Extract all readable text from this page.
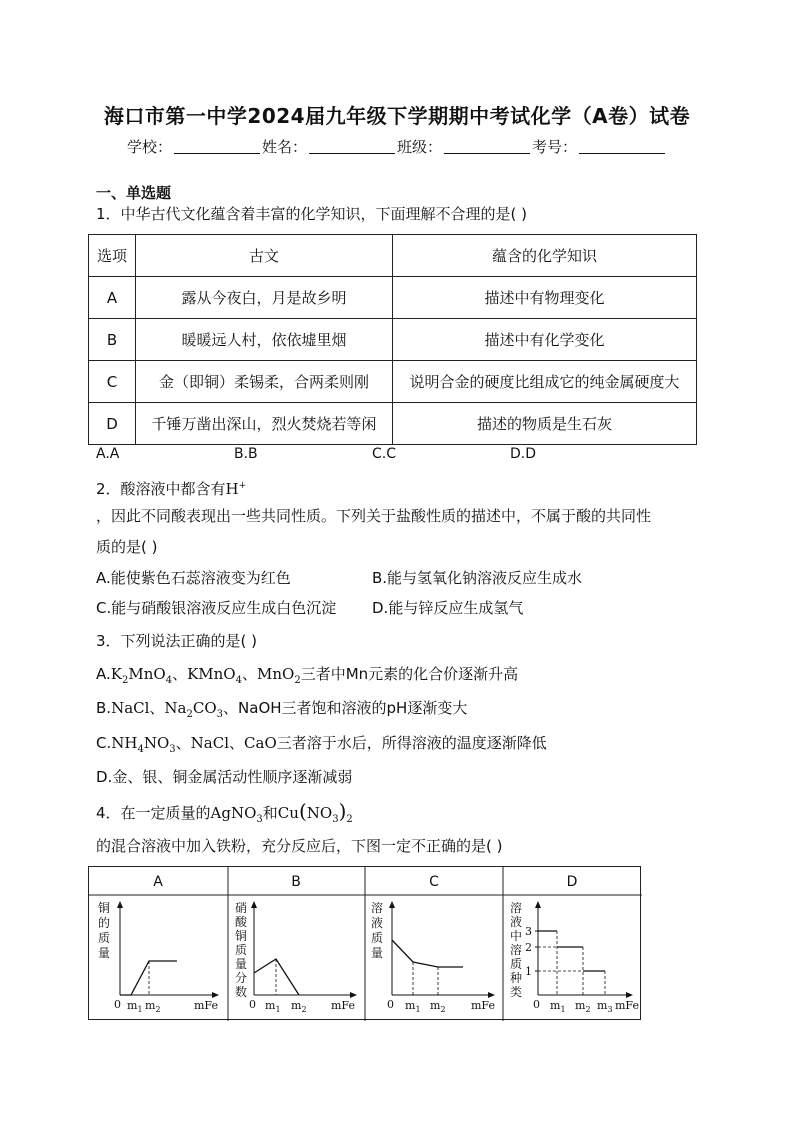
海口市第一中学2024届九年级下学期期中考试化学（A卷）试卷
学校：	姓名：	班级：	考号：
一、单选题
1．中华古代文化蕴含着丰富的化学知识，下面理解不合理的是( )
选项	古文	蕴含的化学知识
A	露从今夜白，月是故乡明	描述中有物理变化
B	暖暖远人村，依依墟里烟	描述中有化学变化
C	金（即铜）柔锡柔，合两柔则刚	说明合金的硬度比组成它的纯金属硬度大
D	千锤万凿出深山，烈火焚烧若等闲	描述的物质是生石灰
A.A	B.B	C.C	D.D
2．酸溶液中都含有H+
，因此不同酸表现出一些共同性质。下列关于盐酸性质的描述中，不属于酸的共同性
质的是( )
A.能使紫色石蕊溶液变为红色	B.能与氢氧化钠溶液反应生成水
C.能与硝酸银溶液反应生成白色沉淀 D.能与锌反应生成氢气
3．下列说法正确的是( )
$A.K_2MnO_4$、KMnO$_4$、MnO$_2$三者中Mn元素的化合价逐渐升高
B.NaCl、$Na_2CO_3$、NaOH三者饱和溶液的pH逐渐变大
$C.NH_4NO_3$、NaCl、CaO三者溶于水后，所得溶液的温度逐渐降低
D.金、银、铜金属活动性顺序逐渐减弱
4．在一定质量的AgNO$_3$和$Cu(NO_3)_2$
的混合溶液中加入铁粉，充分反应后，下图一定不正确的是( )
A	B	C	D
铜
的
质
量
0 $m_1$ $m_2$	mFe
硝
酸
铜
质
量
分
数
0 $m_1$ $m_2$ mFe
溶
液
质
量
0 $m_1$ $m_2$ mFe
溶
液
中
溶
质
种
类
3
2
1
0 $m_1$ $m_2$ $m_3$ mFe
